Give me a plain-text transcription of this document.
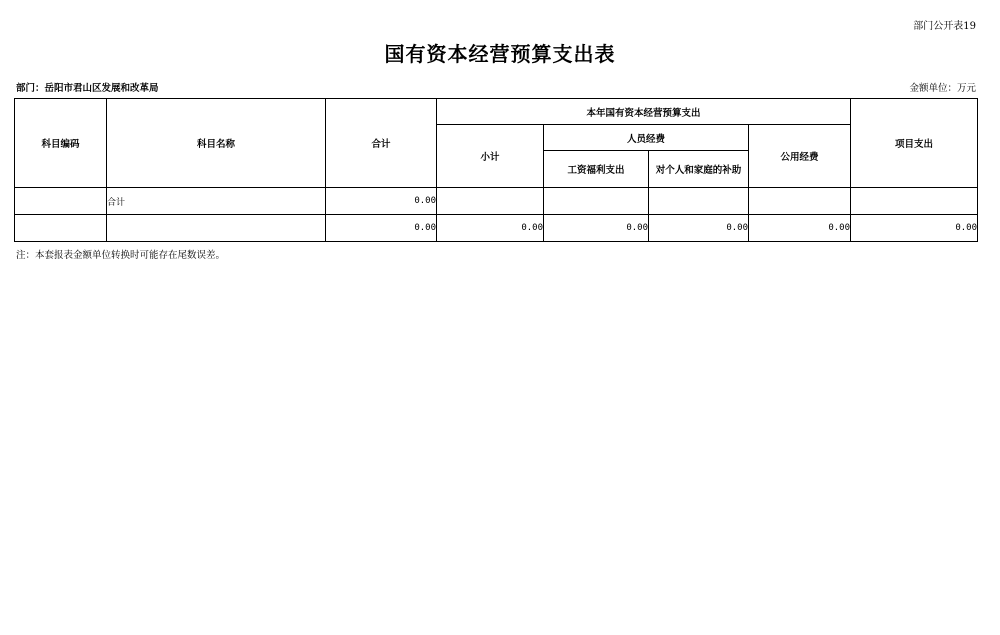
部门公开表19
国有资本经营预算支出表
部门：岳阳市君山区发展和改革局	金额单位：万元
科目编码	科目名称	合计	本年国有资本经营预算支出				项目支出
			小计	人员经费		公用经费	
				工资福利支出	对个人和家庭的补助		
	合计	0.00					
		0.00	0.00	0.00	0.00	0.00	0.00
注：本套报表金额单位转换时可能存在尾数误差。
